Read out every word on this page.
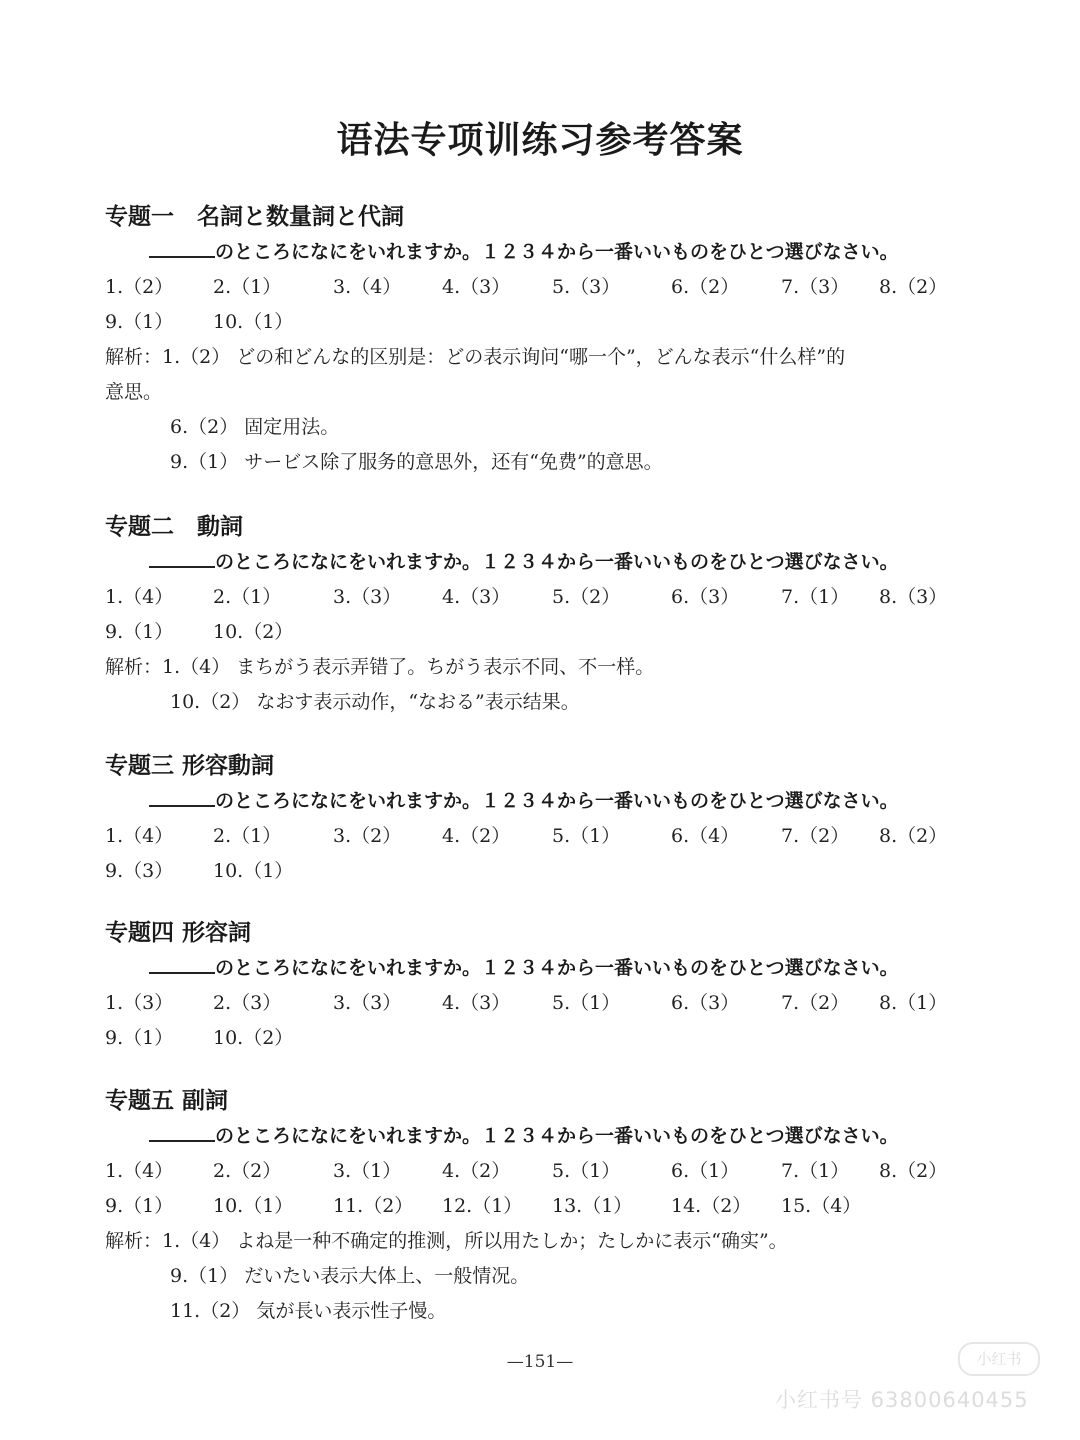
语法专项训练习参考答案
专题一　名詞と数量詞と代詞
のところになにをいれますか。１２３４から一番いいものをひとつ選びなさい。
1.（2） 2.（1）	3.（4） 4.（3） 5.（3）	6.（2） 7.（3） 8.（2）
9.（1） 10.（1）
解析：1.（2） どの和どんな的区别是：どの表示询问“哪一个”，どんな表示“什么样”的
意思。
6.（2） 固定用法。
9.（1） サービス除了服务的意思外，还有“免费”的意思。
专题二　動詞
のところになにをいれますか。１２３４から一番いいものをひとつ選びなさい。
1.（4） 2.（1）	3.（3） 4.（3） 5.（2）	6.（3） 7.（1） 8.（3）
9.（1） 10.（2）
解析：1.（4） まちがう表示弄错了。ちがう表示不同、不一样。
10.（2） なおす表示动作，“なおる”表示结果。
专题三 形容動詞
のところになにをいれますか。１２３４から一番いいものをひとつ選びなさい。
1.（4） 2.（1）	3.（2） 4.（2） 5.（1）	6.（4） 7.（2） 8.（2）
9.（3） 10.（1）
专题四 形容詞
のところになにをいれますか。１２３４から一番いいものをひとつ選びなさい。
1.（3） 2.（3）	3.（3） 4.（3） 5.（1）	6.（3） 7.（2） 8.（1）
9.（1） 10.（2）
专题五 副詞
のところになにをいれますか。１２３４から一番いいものをひとつ選びなさい。
1.（4） 2.（2）	3.（1） 4.（2） 5.（1）	6.（1） 7.（1） 8.（2）
9.（1） 10.（1） 11.（2） 12.（1） 13.（1） 14.（2） 15.（4）
解析：1.（4） よね是一种不确定的推测，所以用たしか；たしかに表示“确实”。
9.（1） だいたい表示大体上、一般情况。
11.（2） 気が長い表示性子慢。
—151—	小红书
小红书号 63800640455
